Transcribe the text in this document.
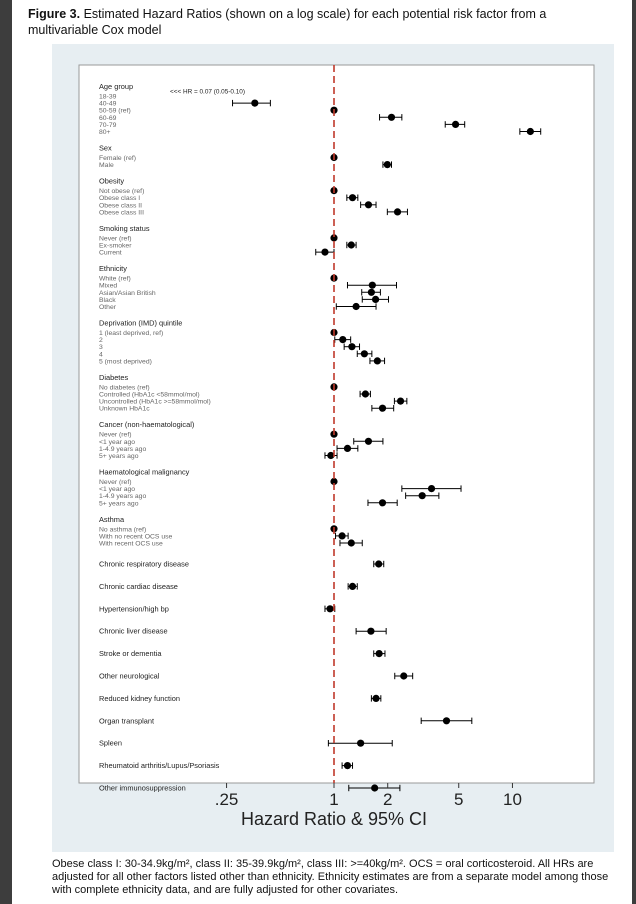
Figure 3. Estimated Hazard Ratios (shown on a log scale) for each potential risk factor from a multivariable Cox model
Age group
18-39
<<< HR = 0.07 (0.05-0.10)
40-49
50-59 (ref)
60-69
70-79
80+
Sex
Female (ref)
Male
Obesity
Not obese (ref)
Obese class I
Obese class II
Obese class III
Smoking status
Never (ref)
Ex-smoker
Current
Ethnicity
White (ref)
Mixed
Asian/Asian British
Black
Other
Deprivation (IMD) quintile
1 (least deprived, ref)
2
3
4
5 (most deprived)
Diabetes
No diabetes (ref)
Controlled (HbA1c <58mmol/mol)
Uncontrolled (HbA1c >=58mmol/mol)
Unknown HbA1c
Cancer (non-haematological)
Never (ref)
<1 year ago
1-4.9 years ago
5+ years ago
Haematological malignancy
Never (ref)
<1 year ago
1-4.9 years ago
5+ years ago
Asthma
No asthma (ref)
With no recent OCS use
With recent OCS use
Chronic respiratory disease
Chronic cardiac disease
Hypertension/high bp
Chronic liver disease
Stroke or dementia
Other neurological
Reduced kidney function
Organ transplant
Spleen
Rheumatoid arthritis/Lupus/Psoriasis
Other immunosuppression
.25	1	2	5 10
Hazard Ratio & 95% CI
Obese class I: 30-34.9kg/m², class II: 35-39.9kg/m², class III: >=40kg/m². OCS = oral corticosteroid. All HRs are adjusted for all other factors listed other than ethnicity. Ethnicity estimates are from a separate model among those with complete ethnicity data, and are fully adjusted for other covariates.
